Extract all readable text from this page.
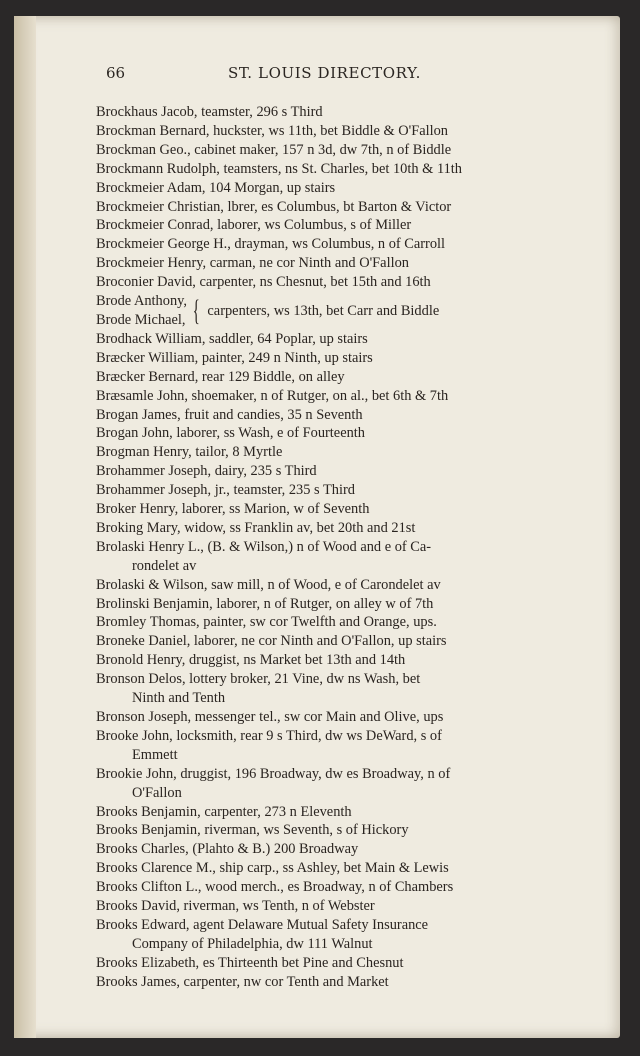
66	ST. LOUIS DIRECTORY.
Brockhaus Jacob, teamster, 296 s Third
Brockman Bernard, huckster, ws 11th, bet Biddle & O'Fallon
Brockman Geo., cabinet maker, 157 n 3d, dw 7th, n of Biddle
Brockmann Rudolph, teamsters, ns St. Charles, bet 10th & 11th
Brockmeier Adam, 104 Morgan, up stairs
Brockmeier Christian, lbrer, es Columbus, bt Barton & Victor
Brockmeier Conrad, laborer, ws Columbus, s of Miller
Brockmeier George H., drayman, ws Columbus, n of Carroll
Brockmeier Henry, carman, ne cor Ninth and O'Fallon
Broconier David, carpenter, ns Chesnut, bet 15th and 16th
Brode Anthony,
Brode Michael, { carpenters, ws 13th, bet Carr and Biddle
Brodhack William, saddler, 64 Poplar, up stairs
Bræcker William, painter, 249 n Ninth, up stairs
Bræcker Bernard, rear 129 Biddle, on alley
Bræsamle John, shoemaker, n of Rutger, on al., bet 6th & 7th
Brogan James, fruit and candies, 35 n Seventh
Brogan John, laborer, ss Wash, e of Fourteenth
Brogman Henry, tailor, 8 Myrtle
Brohammer Joseph, dairy, 235 s Third
Brohammer Joseph, jr., teamster, 235 s Third
Broker Henry, laborer, ss Marion, w of Seventh
Broking Mary, widow, ss Franklin av, bet 20th and 21st
Brolaski Henry L., (B. & Wilson,) n of Wood and e of Ca-
rondelet av
Brolaski & Wilson, saw mill, n of Wood, e of Carondelet av
Brolinski Benjamin, laborer, n of Rutger, on alley w of 7th
Bromley Thomas, painter, sw cor Twelfth and Orange, ups.
Broneke Daniel, laborer, ne cor Ninth and O'Fallon, up stairs
Bronold Henry, druggist, ns Market bet 13th and 14th
Bronson Delos, lottery broker, 21 Vine, dw ns Wash, bet
Ninth and Tenth
Bronson Joseph, messenger tel., sw cor Main and Olive, ups
Brooke John, locksmith, rear 9 s Third, dw ws DeWard, s of
Emmett
Brookie John, druggist, 196 Broadway, dw es Broadway, n of
O'Fallon
Brooks Benjamin, carpenter, 273 n Eleventh
Brooks Benjamin, riverman, ws Seventh, s of Hickory
Brooks Charles, (Plahto & B.) 200 Broadway
Brooks Clarence M., ship carp., ss Ashley, bet Main & Lewis
Brooks Clifton L., wood merch., es Broadway, n of Chambers
Brooks David, riverman, ws Tenth, n of Webster
Brooks Edward, agent Delaware Mutual Safety Insurance
Company of Philadelphia, dw 111 Walnut
Brooks Elizabeth, es Thirteenth bet Pine and Chesnut
Brooks James, carpenter, nw cor Tenth and Market
